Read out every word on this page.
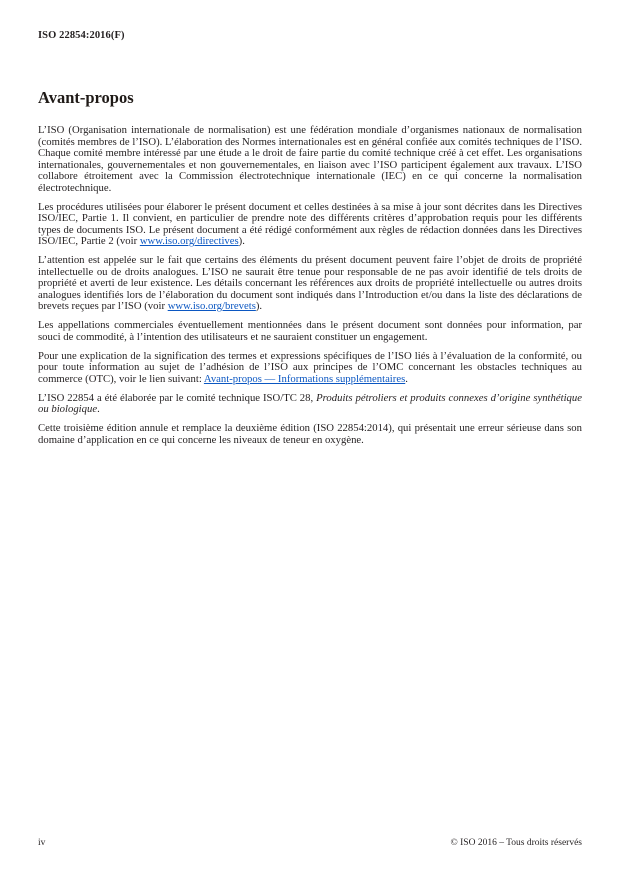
ISO 22854:2016(F)
Avant-propos

L’ISO (Organisation internationale de normalisation) est une fédération mondiale d’organismes nationaux de normalisation (comités membres de l’ISO). L’élaboration des Normes internationales est en général confiée aux comités techniques de l’ISO. Chaque comité membre intéressé par une étude a le droit de faire partie du comité technique créé à cet effet. Les organisations internationales, gouvernementales et non gouvernementales, en liaison avec l’ISO participent également aux travaux. L’ISO collabore étroitement avec la Commission électrotechnique internationale (IEC) en ce qui concerne la normalisation électrotechnique.

Les procédures utilisées pour élaborer le présent document et celles destinées à sa mise à jour sont décrites dans les Directives ISO/IEC, Partie 1. Il convient, en particulier de prendre note des différents critères d’approbation requis pour les différents types de documents ISO. Le présent document a été rédigé conformément aux règles de rédaction données dans les Directives ISO/IEC, Partie 2 (voir www.iso.org/directives).

L’attention est appelée sur le fait que certains des éléments du présent document peuvent faire l’objet de droits de propriété intellectuelle ou de droits analogues. L’ISO ne saurait être tenue pour responsable de ne pas avoir identifié de tels droits de propriété et averti de leur existence. Les détails concernant les références aux droits de propriété intellectuelle ou autres droits analogues identifiés lors de l’élaboration du document sont indiqués dans l’Introduction et/ou dans la liste des déclarations de brevets reçues par l’ISO (voir www.iso.org/brevets).

Les appellations commerciales éventuellement mentionnées dans le présent document sont données pour information, par souci de commodité, à l’intention des utilisateurs et ne sauraient constituer un engagement.

Pour une explication de la signification des termes et expressions spécifiques de l’ISO liés à l’évaluation de la conformité, ou pour toute information au sujet de l’adhésion de l’ISO aux principes de l’OMC concernant les obstacles techniques au commerce (OTC), voir le lien suivant: Avant-propos — Informations supplémentaires.

L’ISO 22854 a été élaborée par le comité technique ISO/TC 28, Produits pétroliers et produits connexes d’origine synthétique ou biologique.

Cette troisième édition annule et remplace la deuxième édition (ISO 22854:2014), qui présentait une erreur sérieuse dans son domaine d’application en ce qui concerne les niveaux de teneur en oxygène.

iv	© ISO 2016 – Tous droits réservés
